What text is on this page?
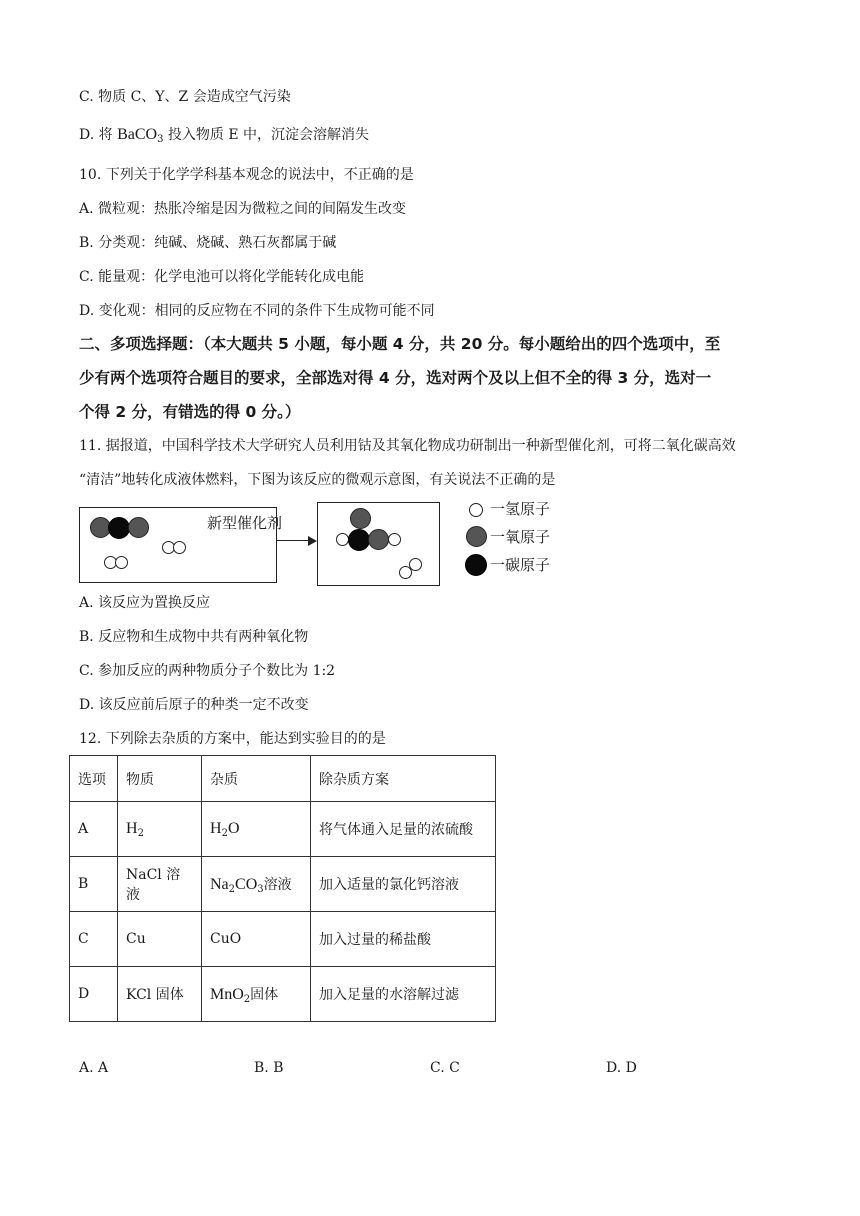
C. 物质 C、Y、Z 会造成空气污染
D. 将 BaCO$_3$ 投入物质 E 中，沉淀会溶解消失
10. 下列关于化学学科基本观念的说法中，不正确的是
A. 微粒观：热胀冷缩是因为微粒之间的间隔发生改变
B. 分类观：纯碱、烧碱、熟石灰都属于碱
C. 能量观：化学电池可以将化学能转化成电能
D. 变化观：相同的反应物在不同的条件下生成物可能不同
二、多项选择题：（本大题共 5 小题，每小题 4 分，共 20 分。每小题给出的四个选项中，至
少有两个选项符合题目的要求，全部选对得 4 分，选对两个及以上但不全的得 3 分，选对一
个得 2 分，有错选的得 0 分。）
11. 据报道，中国科学技术大学研究人员利用钴及其氧化物成功研制出一种新型催化剂，可将二氧化碳高效
“清洁”地转化成液体燃料，下图为该反应的微观示意图，有关说法不正确的是
新型催化剂
一氢原子
一氧原子
一碳原子
A. 该反应为置换反应
B. 反应物和生成物中共有两种氧化物
C. 参加反应的两种物质分子个数比为 1:2
D. 该反应前后原子的种类一定不改变
12. 下列除去杂质的方案中，能达到实验目的的是
选项	物质	杂质	除杂质方案
A	$H_2$	$H_2O$	将气体通入足量的浓硫酸
B	NaCl 溶液	$Na_2CO_3$溶液	加入适量的氯化钙溶液
C	Cu	CuO	加入过量的稀盐酸
D	KCl 固体	MnO$_2$固体	加入足量的水溶解过滤
A. A	B. B	C. C	D. D
